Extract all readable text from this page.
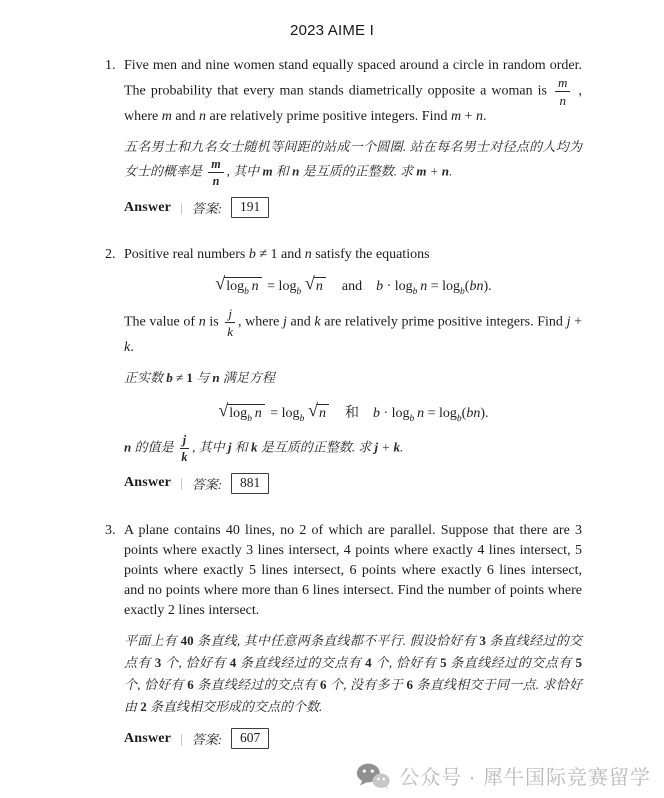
2023 AIME I
1. Five men and nine women stand equally spaced around a circle in random order. The probability that every man stands diametrically opposite a woman is $\frac{m}{n}$ , where m and n are relatively prime positive integers. Find m + n.

五名男士和九名女士随机等间距的站成一个圆圈. 站在每名男士对径点的人均为女士的概率是 $\frac{m}{n}$ , 其中 m 和 n 是互质的正整数. 求 m + n.

Answer | 答案:	191
2. Positive real numbers b ≠ 1 and n satisfy the equations

√ $\log_b n = \log_b$  √ n  and $b \cdot \log_b n = \log_b(bn)$.

The value of n is $\frac{j}{k}$ , where j and k are relatively prime positive integers. Find j + k.

正实数 b ≠ 1 与 n 满足方程

√ $\log_b n = \log_b$  √ n  和 $b \cdot \log_b n = \log_b(bn)$.

n 的值是 $\frac{j}{k}$ , 其中 j 和 k 是互质的正整数. 求 j + k.

Answer | 答案:	881
3. A plane contains 40 lines, no 2 of which are parallel. Suppose that there are 3 points where exactly 3 lines intersect, 4 points where exactly 4 lines intersect, 5 points where exactly 5 lines intersect, 6 points where exactly 6 lines intersect, and no points where more than 6 lines intersect. Find the number of points where exactly 2 lines intersect.

平面上有 40 条直线, 其中任意两条直线都不平行. 假设恰好有 3 条直线经过的交点有 3 个, 恰好有 4 条直线经过的交点有 4 个, 恰好有 5 条直线经过的交点有 5 个, 恰好有 6 条直线经过的交点有 6 个, 没有多于 6 条直线相交于同一点. 求恰好由 2 条直线相交形成的交点的个数.

Answer | 答案:	607
公众号 · 犀牛国际竞赛留学
